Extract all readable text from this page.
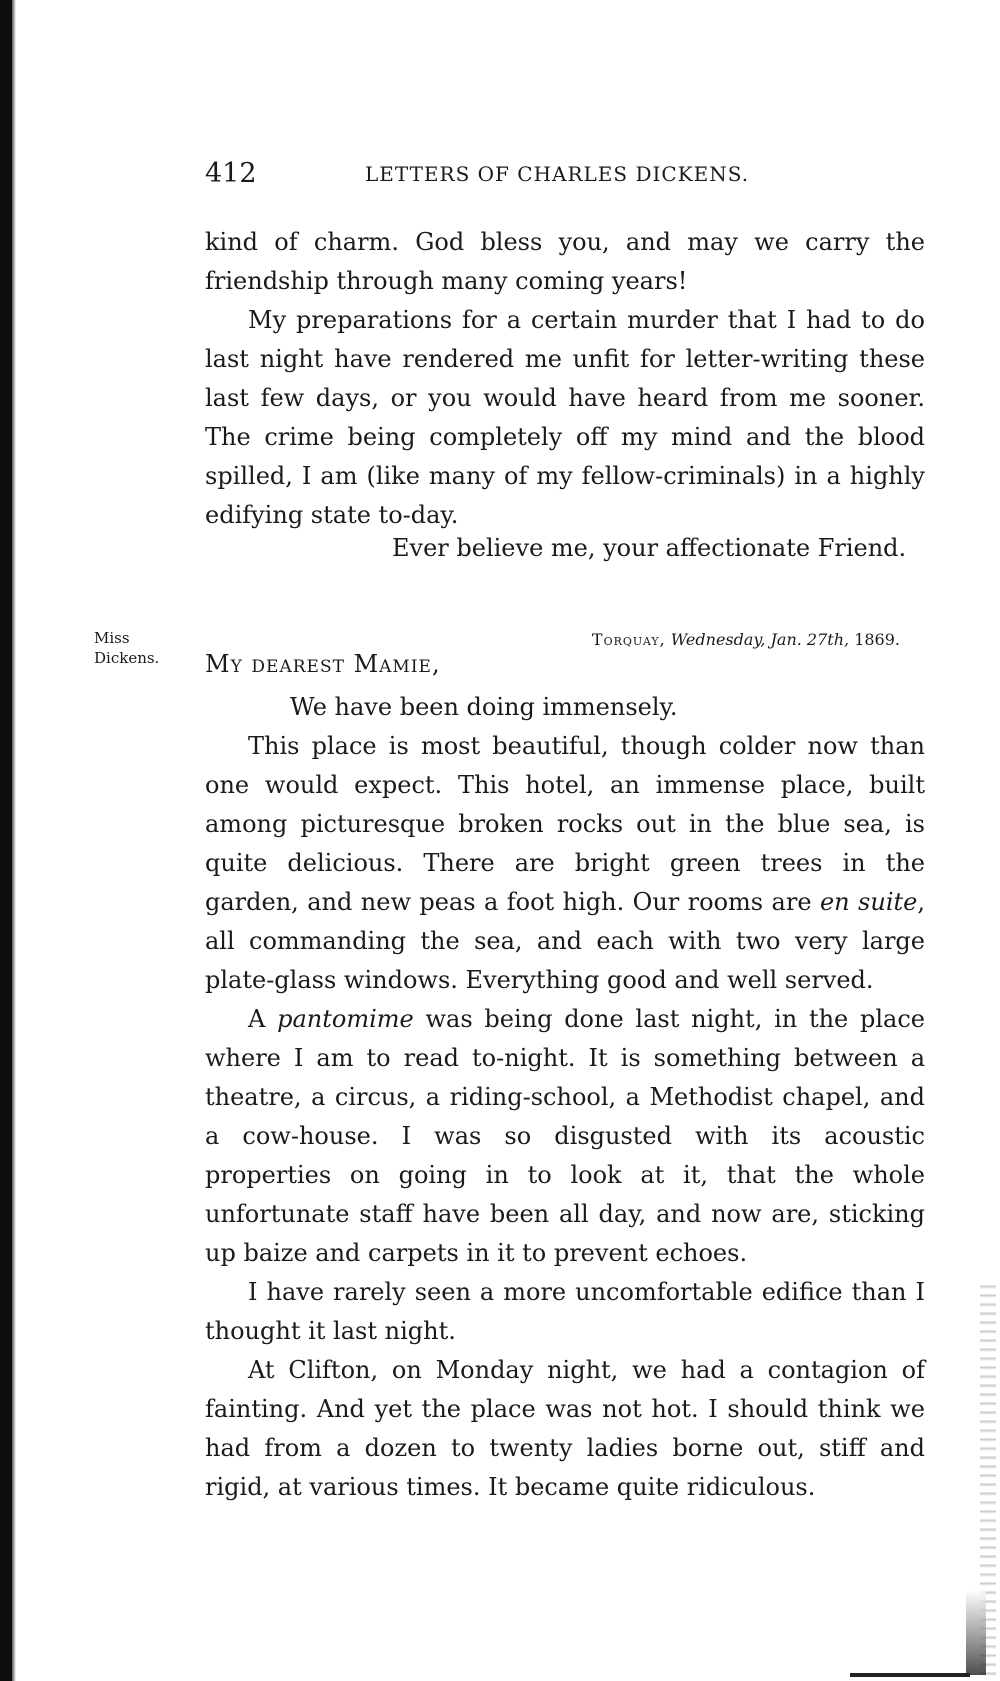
412	LETTERS OF CHARLES DICKENS.

kind of charm. God bless you, and may we carry the friendship through many coming years!

My preparations for a certain murder that I had to do last night have rendered me unfit for letter-writing these last few days, or you would have heard from me sooner. The crime being completely off my mind and the blood spilled, I am (like many of my fellow-criminals) in a highly edifying state to-day.

Ever believe me, your affectionate Friend.
Miss
Dickens.
Torquay, Wednesday, Jan. 27th, 1869.
My dearest Mamie,

We have been doing immensely.

This place is most beautiful, though colder now than one would expect. This hotel, an immense place, built among picturesque broken rocks out in the blue sea, is quite delicious. There are bright green trees in the garden, and new peas a foot high. Our rooms are en suite, all commanding the sea, and each with two very large plate-glass windows. Everything good and well served.

A pantomime was being done last night, in the place where I am to read to-night. It is something between a theatre, a circus, a riding-school, a Methodist chapel, and a cow-house. I was so disgusted with its acoustic properties on going in to look at it, that the whole unfortunate staff have been all day, and now are, sticking up baize and carpets in it to prevent echoes.

I have rarely seen a more uncomfortable edifice than I thought it last night.

At Clifton, on Monday night, we had a contagion of fainting. And yet the place was not hot. I should think we had from a dozen to twenty ladies borne out, stiff and rigid, at various times. It became quite ridiculous.
